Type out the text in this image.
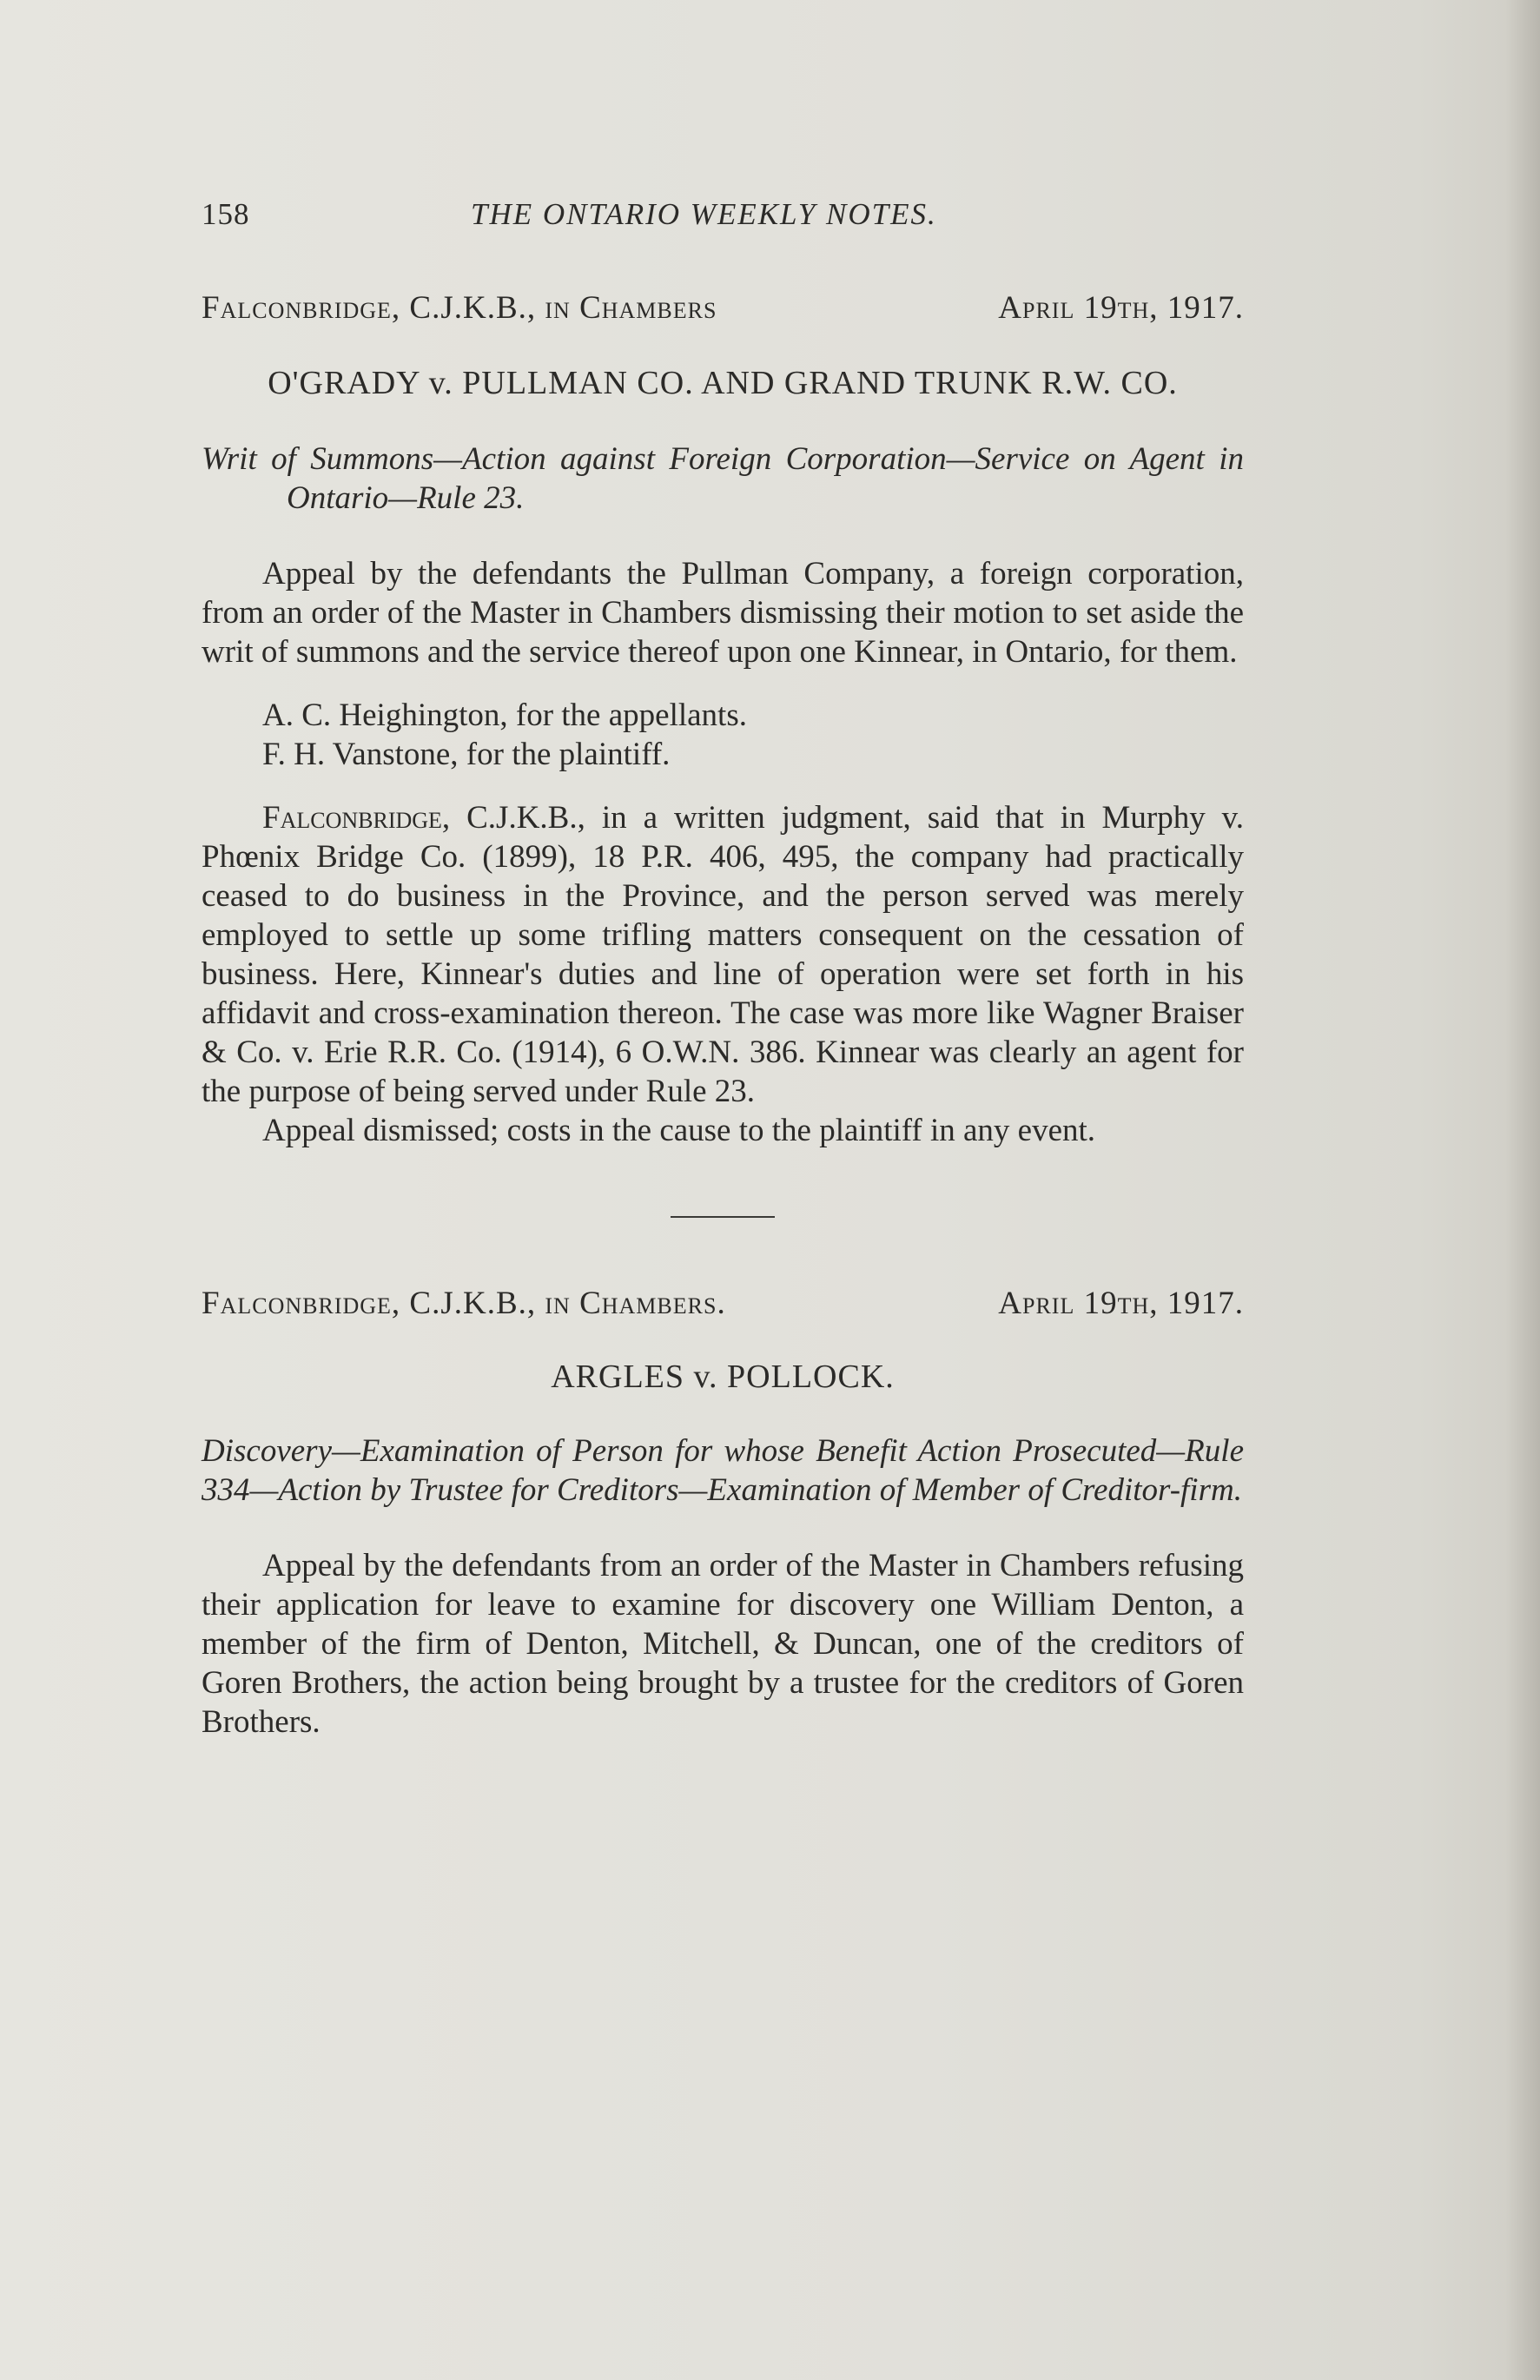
158	THE ONTARIO WEEKLY NOTES.
Falconbridge, C.J.K.B., in Chambers	April 19th, 1917.
O'GRADY v. PULLMAN CO. AND GRAND TRUNK R.W. CO.
Writ of Summons—Action against Foreign Corporation—Service on Agent in Ontario—Rule 23.

Appeal by the defendants the Pullman Company, a foreign corporation, from an order of the Master in Chambers dismissing their motion to set aside the writ of summons and the service thereof upon one Kinnear, in Ontario, for them.

A. C. Heighington, for the appellants.

F. H. Vanstone, for the plaintiff.

Falconbridge, C.J.K.B., in a written judgment, said that in Murphy v. Phœnix Bridge Co. (1899), 18 P.R. 406, 495, the company had practically ceased to do business in the Province, and the person served was merely employed to settle up some trifling matters consequent on the cessation of business. Here, Kinnear's duties and line of operation were set forth in his affidavit and cross-examination thereon. The case was more like Wagner Braiser & Co. v. Erie R.R. Co. (1914), 6 O.W.N. 386. Kinnear was clearly an agent for the purpose of being served under Rule 23.

Appeal dismissed; costs in the cause to the plaintiff in any event.

Falconbridge, C.J.K.B., in Chambers.	April 19th, 1917.
ARGLES v. POLLOCK.
Discovery—Examination of Person for whose Benefit Action Prosecuted—Rule 334—Action by Trustee for Creditors—Examination of Member of Creditor-firm.

Appeal by the defendants from an order of the Master in Chambers refusing their application for leave to examine for discovery one William Denton, a member of the firm of Denton, Mitchell, & Duncan, one of the creditors of Goren Brothers, the action being brought by a trustee for the creditors of Goren Brothers.
